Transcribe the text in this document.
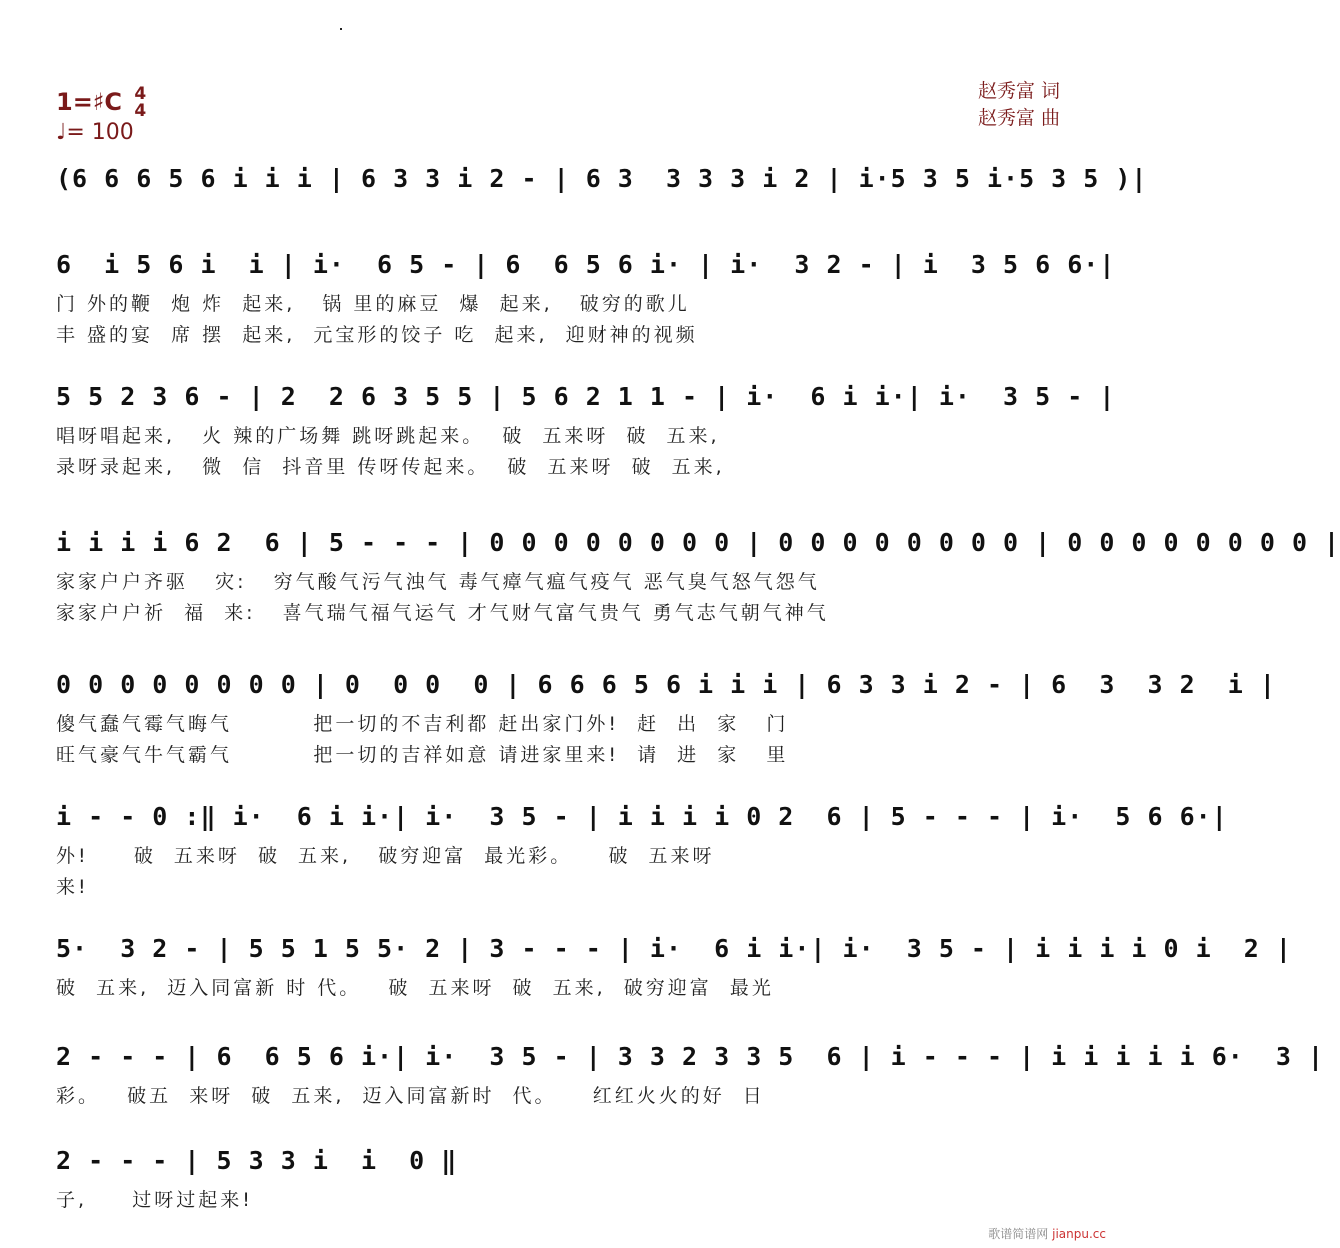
1=♯C 4
4
♩= 100
赵秀富 词
赵秀富 曲
(6 6 6 5 6 i i i | 6 3 3 i 2 - | 6 3  3 3 3 i 2 | i·5 3 5 i·5 3 5 )|
6  i 5 6 i  i | i·  6 5 - | 6  6 5 6 i· | i·  3 2 - | i  3 5 6 6·|
门 外的鞭  炮 炸  起来,   锅 里的麻豆  爆  起来,   破穷的歌儿
丰 盛的宴  席 摆  起来,  元宝形的饺子 吃  起来,  迎财神的视频
5 5 2 3 6 - | 2  2 6 3 5 5 | 5 6 2 1 1 - | i·  6 i i·| i·  3 5 - |
唱呀唱起来,   火 辣的广场舞 跳呀跳起来。  破  五来呀  破  五来,
录呀录起来,   微  信  抖音里 传呀传起来。  破  五来呀  破  五来,
i i i i 6 2  6 | 5 - - - | 0 0 0 0 0 0 0 0 | 0 0 0 0 0 0 0 0 | 0 0 0 0 0 0 0 0 |
家家户户齐驱   灾:   穷气酸气污气浊气 毒气瘴气瘟气疫气 恶气臭气怒气怨气
家家户户祈  福  来:   喜气瑞气福气运气 才气财气富气贵气 勇气志气朝气神气
0 0 0 0 0 0 0 0 | 0  0 0  0 | 6 6 6 5 6 i i i | 6 3 3 i 2 - | 6  3  3 2  i |
傻气蠢气霉气晦气         把一切的不吉利都 赶出家门外!  赶  出  家   门
旺气豪气牛气霸气         把一切的吉祥如意 请进家里来!  请  进  家   里
i - - 0 :‖ i·  6 i i·| i·  3 5 - | i i i i 0 2  6 | 5 - - - | i·  5 6 6·|
外!     破  五来呀  破  五来,   破穷迎富  最光彩。    破  五来呀
来!
5·  3 2 - | 5 5 1 5 5· 2 | 3 - - - | i·  6 i i·| i·  3 5 - | i i i i 0 i  2 |
破  五来,  迈入同富新 时 代。   破  五来呀  破  五来,  破穷迎富  最光
2 - - - | 6  6 5 6 i·| i·  3 5 - | 3 3 2 3 3 5  6 | i - - - | i i i i i 6·  3 |
彩。   破五  来呀  破  五来,  迈入同富新时  代。    红红火火的好  日
2 - - - | 5 3 3 i  i  0 ‖
子,     过呀过起来!
歌谱简谱网 jianpu.cc
